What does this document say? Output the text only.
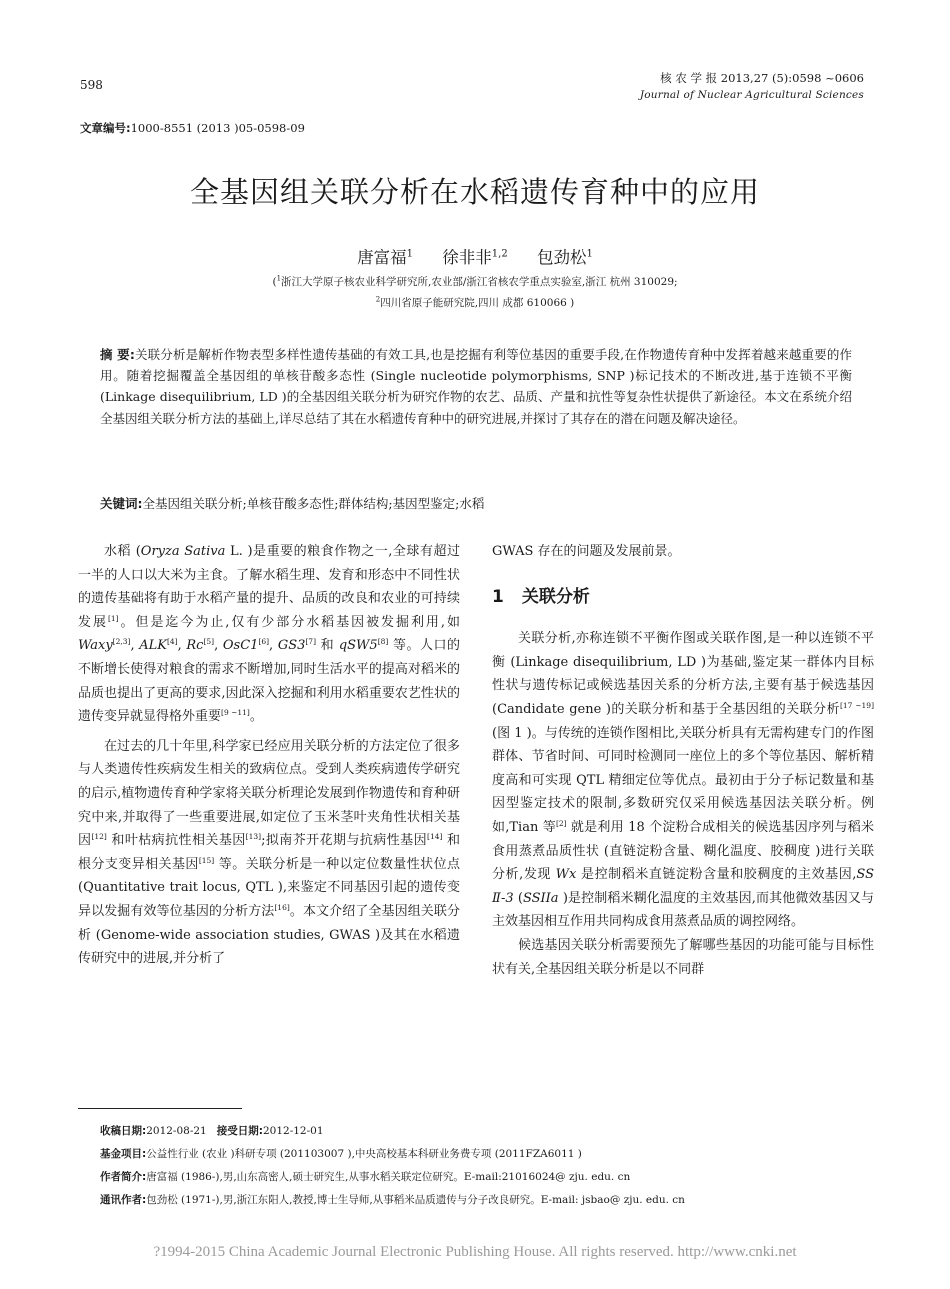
598	核 农 学 报 2013,27 (5):0598 ~0606
Journal of Nuclear Agricultural Sciences
文章编号:1000-8551 (2013 )05-0598-09
全基因组关联分析在水稻遗传育种中的应用
唐富福$^1$ 徐非非$^{1,2}$ 包劲松$^1$
($^1$浙江大学原子核农业科学研究所,农业部/浙江省核农学重点实验室,浙江 杭州 310029;
$^2$四川省原子能研究院,四川 成都 610066 )
摘 要:关联分析是解析作物表型多样性遗传基础的有效工具,也是挖掘有利等位基因的重要手段,在作物遗传育种中发挥着越来越重要的作用。随着挖掘覆盖全基因组的单核苷酸多态性 (Single nucleotide polymorphisms, SNP )标记技术的不断改进,基于连锁不平衡 (Linkage disequilibrium, LD )的全基因组关联分析为研究作物的农艺、品质、产量和抗性等复杂性状提供了新途径。本文在系统介绍全基因组关联分析方法的基础上,详尽总结了其在水稻遗传育种中的研究进展,并探讨了其存在的潜在问题及解决途径。
关键词:全基因组关联分析;单核苷酸多态性;群体结构;基因型鉴定;水稻

水稻 (Oryza Sativa L. )是重要的粮食作物之一,全球有超过一半的人口以大米为主食。了解水稻生理、发育和形态中不同性状的遗传基础将有助于水稻产量的提升、品质的改良和农业的可持续发展[1]。但是迄今为止,仅有少部分水稻基因被发掘利用,如 Waxy[2,3], ALK[4], Rc[5], OsC1[6], GS3[7] 和 qSW5[8] 等。人口的不断增长使得对粮食的需求不断增加,同时生活水平的提高对稻米的品质也提出了更高的要求,因此深入挖掘和利用水稻重要农艺性状的遗传变异就显得格外重要[9 ~11]。

在过去的几十年里,科学家已经应用关联分析的方法定位了很多与人类遗传性疾病发生相关的致病位点。受到人类疾病遗传学研究的启示,植物遗传育种学家将关联分析理论发展到作物遗传和育种研究中来,并取得了一些重要进展,如定位了玉米茎叶夹角性状相关基因[12] 和叶枯病抗性相关基因[13];拟南芥开花期与抗病性基因[14] 和根分支变异相关基因[15] 等。关联分析是一种以定位数量性状位点 (Quantitative trait locus, QTL ),来鉴定不同基因引起的遗传变异以发掘有效等位基因的分析方法[16]。本文介绍了全基因组关联分析 (Genome-wide association studies, GWAS )及其在水稻遗传研究中的进展,并分析了

GWAS 存在的问题及发展前景。

1 关联分析

关联分析,亦称连锁不平衡作图或关联作图,是一种以连锁不平衡 (Linkage disequilibrium, LD )为基础,鉴定某一群体内目标性状与遗传标记或候选基因关系的分析方法,主要有基于候选基因 (Candidate gene )的关联分析和基于全基因组的关联分析[17 ~19] (图 1 )。与传统的连锁作图相比,关联分析具有无需构建专门的作图群体、节省时间、可同时检测同一座位上的多个等位基因、解析精度高和可实现 QTL 精细定位等优点。最初由于分子标记数量和基因型鉴定技术的限制,多数研究仅采用候选基因法关联分析。例如,Tian 等[2] 就是利用 18 个淀粉合成相关的候选基因序列与稻米食用蒸煮品质性状 (直链淀粉含量、糊化温度、胶稠度 )进行关联分析,发现 Wx 是控制稻米直链淀粉含量和胶稠度的主效基因,SS Ⅱ-3 (SSIIa )是控制稻米糊化温度的主效基因,而其他微效基因又与主效基因相互作用共同构成食用蒸煮品质的调控网络。

候选基因关联分析需要预先了解哪些基因的功能可能与目标性状有关,全基因组关联分析是以不同群

收稿日期:2012-08-21 接受日期:2012-12-01
基金项目:公益性行业 (农业 )科研专项 (201103007 ),中央高校基本科研业务费专项 (2011FZA6011 )
作者简介:唐富福 (1986-),男,山东高密人,硕士研究生,从事水稻关联定位研究。E-mail:21016024@ zju. edu. cn
通讯作者:包劲松 (1971-),男,浙江东阳人,教授,博士生导师,从事稻米品质遗传与分子改良研究。E-mail: jsbao@ zju. edu. cn
?1994-2015 China Academic Journal Electronic Publishing House. All rights reserved. http://www.cnki.net
